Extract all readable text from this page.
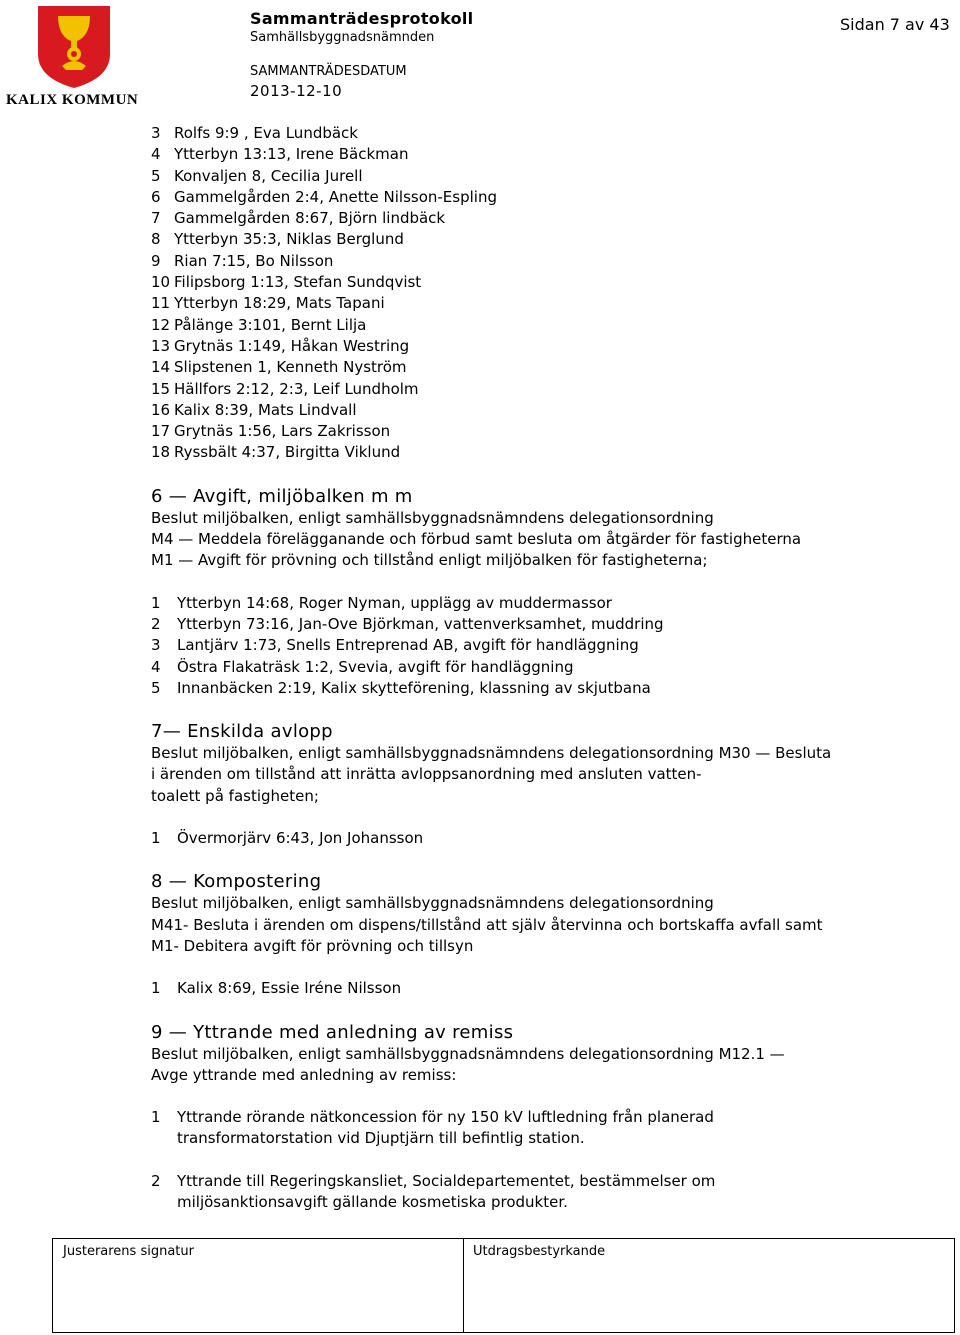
KALIX KOMMUN
Sammanträdesprotokoll
Samhällsbyggnadsnämnden
SAMMANTRÄDESDATUM
2013-12-10
Sidan 7 av 43
3 Rolfs 9:9 , Eva Lundbäck
4 Ytterbyn 13:13, Irene Bäckman
5 Konvaljen 8, Cecilia Jurell
6 Gammelgården 2:4, Anette Nilsson-Espling
7 Gammelgården 8:67, Björn lindbäck
8 Ytterbyn 35:3, Niklas Berglund
9 Rian 7:15, Bo Nilsson
10 Filipsborg 1:13, Stefan Sundqvist
11 Ytterbyn 18:29, Mats Tapani
12 Pålänge 3:101, Bernt Lilja
13 Grytnäs 1:149, Håkan Westring
14 Slipstenen 1, Kenneth Nyström
15 Hällfors 2:12, 2:3, Leif Lundholm
16 Kalix 8:39, Mats Lindvall
17 Grytnäs 1:56, Lars Zakrisson
18 Ryssbält 4:37, Birgitta Viklund
6 — Avgift, miljöbalken m m
Beslut miljöbalken, enligt samhällsbyggnadsnämndens delegationsordning
M4 — Meddela förelägganande och förbud samt besluta om åtgärder för fastigheterna
M1 — Avgift för prövning och tillstånd enligt miljöbalken för fastigheterna;
1 Ytterbyn 14:68, Roger Nyman, upplägg av muddermassor
2 Ytterbyn 73:16, Jan-Ove Björkman, vattenverksamhet, muddring
3 Lantjärv 1:73, Snells Entreprenad AB, avgift för handläggning
4 Östra Flakaträsk 1:2, Svevia, avgift för handläggning
5 Innanbäcken 2:19, Kalix skytteförening, klassning av skjutbana
7— Enskilda avlopp
Beslut miljöbalken, enligt samhällsbyggnadsnämndens delegationsordning M30 — Besluta
i ärenden om tillstånd att inrätta avloppsanordning med ansluten vatten-
toalett på fastigheten;
1 Övermorjärv 6:43, Jon Johansson
8 — Kompostering
Beslut miljöbalken, enligt samhällsbyggnadsnämndens delegationsordning
M41- Besluta i ärenden om dispens/tillstånd att själv återvinna och bortskaffa avfall samt
M1- Debitera avgift för prövning och tillsyn
1 Kalix 8:69, Essie Iréne Nilsson
9 — Yttrande med anledning av remiss
Beslut miljöbalken, enligt samhällsbyggnadsnämndens delegationsordning M12.1 —
Avge yttrande med anledning av remiss:
1 Yttrande rörande nätkoncession för ny 150 kV luftledning från planerad
transformatorstation vid Djuptjärn till befintlig station.
2 Yttrande till Regeringskansliet, Socialdepartementet, bestämmelser om
miljösanktionsavgift gällande kosmetiska produkter.
Justerarens signatur	Utdragsbestyrkande
